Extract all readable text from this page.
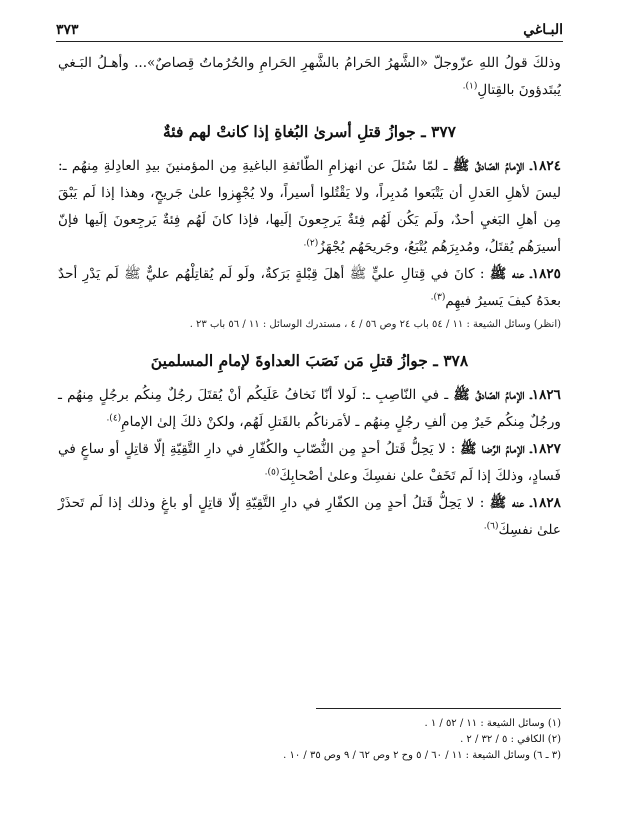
البـاغي
٣٧٣

وذلكَ قولُ اللهِ عزّوجلّ «الشَّهرُ الحَرامُ بالشَّهرِ الحَرامِ والحُرُماتُ قِصاصٌ»... وأهـلُ البَـغي يُبتَدؤونَ بالقِتالِ$^{(١).}$

٣٧٧ ـ جوازُ قتلِ أسرىٰ البُغاةِ إذا كانتْ لهم فئةٌ

١٨٢٤ـ الإمامُ الصّادقُ ﷺ ـ لمّا سُئلَ عن انهزامِ الطّائفةِ الباغيةِ مِن المؤمنينَ بيدِ العادِلةِ مِنهُم ـ: ليسَ لأهلِ العَدلِ أن يَتْبَعوا مُدبِراً، ولا يَقْتُلوا أسيراً، ولا يُجْهِزوا علىٰ جَريحٍ، وهذا إذا لَم يَبْقَ مِن أهلِ البَغيِ أحدٌ، ولَم يَكُن لَهُم فِئةٌ يَرجِعونَ إلَيها، فإذا كانَ لَهُم فِئةٌ يَرجِعونَ إلَيها فإنّ أسيرَهُم يُقتَلُ، ومُدبِرَهُم يُتْبَعُ، وجَريحَهُم يُجْهَزُ$^{(٢).}$

١٨٢٥ـ عنه ﷺ : كانَ في قِتالِ عليٍّ ﷺ أهلَ قِبْلةٍ بَرَكةٌ، ولَو لَم يُقاتِلْهُم عليٌّ ﷺ لَم يَدْرِ أحدٌ بعدَهُ كيفَ يَسيرُ فيهِم$^{(٣).}$

(انظر) وسائل الشيعة : ١١ / ٥٤ باب ٢٤ وص ٥٦ / ٤ ، مستدرك الوسائل : ١١ / ٥٦ باب ٢٣ .

٣٧٨ ـ جوازُ قتلِ مَن نَصَبَ العداوةَ لإمامِ المسلمينَ

١٨٢٦ـ الإمامُ الصّادقُ ﷺ ـ في النّاصِبِ ـ: لَولا أنّا نَخافُ عَلَيكُم أنْ يُقتَلَ رجُلٌ مِنكُم برجُلٍ مِنهُم ـ ورجُلٌ مِنكُم خَيرٌ مِن ألفِ رجُلٍ مِنهُم ـ لأمَرناكُم بالقَتلِ لَهُم، ولكنْ ذلكَ إلىٰ الإمامِ$^{(٤).}$

١٨٢٧ـ الإمامُ الرِّضا ﷺ : لا يَحِلُّ قَتلُ أحدٍ مِن النُّصّابِ والكُفّارِ في دارِ التَّقِيّةِ إلّا قاتِلٍ أو ساعٍ في فَسادٍ، وذلكَ إذا لَم تَخَفْ علىٰ نفسِكَ وعلىٰ أصْحابِكَ$^{(٥).}$

١٨٢٨ـ عنه ﷺ : لا يَحِلُّ قَتلُ أحدٍ مِن الكفّارِ في دارِ التَّقِيّةِ إلّا قاتِلٍ أو باغٍ وذلك إذا لَم تَحذَرْ علىٰ نفسِكَ$^{(٦).}$

(١) وسائل الشيعة : ١١ / ٥٢ / ١ .

(٢) الكافي : ٥ / ٣٢ / ٢ .

(٣ ـ ٦) وسائل الشيعة : ١١ / ٦٠ / ٥ وح ٢ وص ٦٢ / ٩ وص ٣٥ / ١٠ .
